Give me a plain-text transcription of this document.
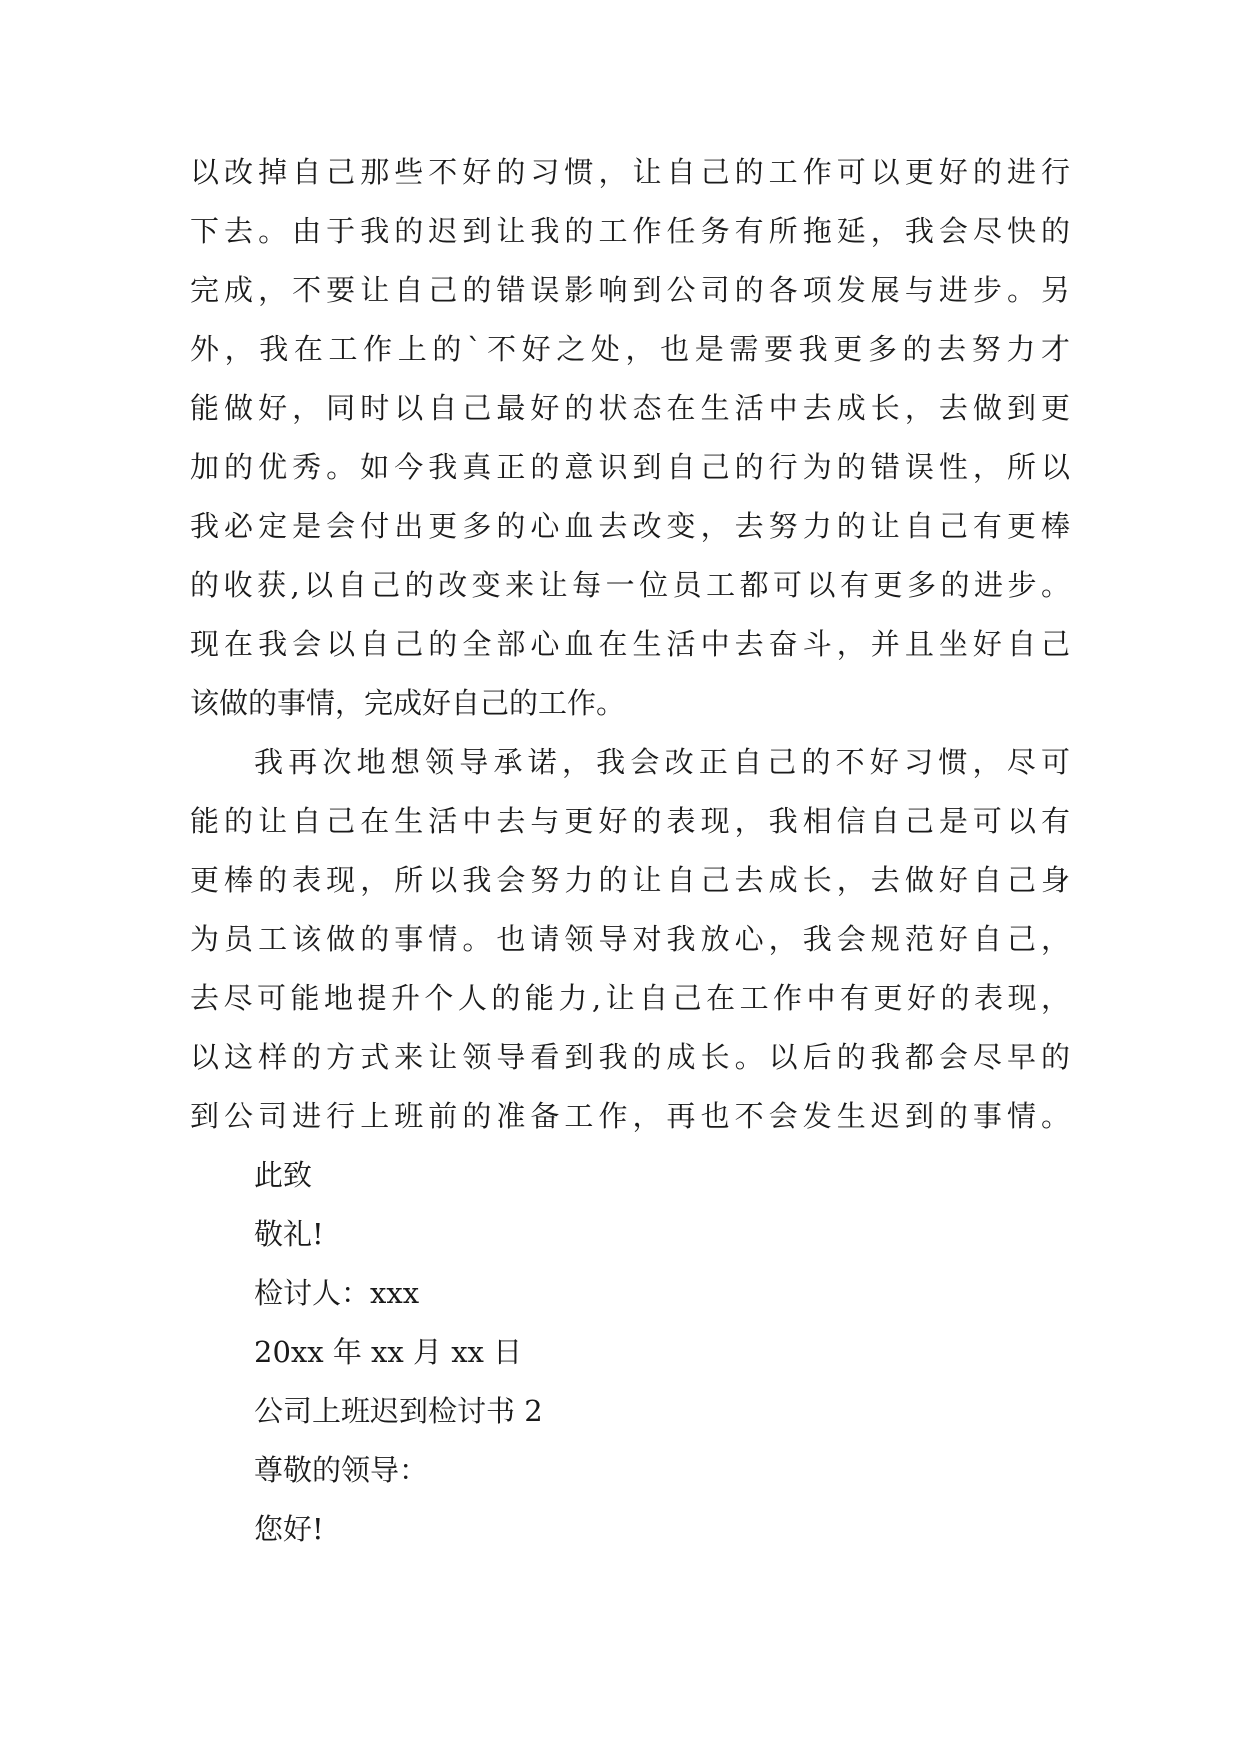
以改掉自己那些不好的习惯，让自己的工作可以更好的进行
下去。由于我的迟到让我的工作任务有所拖延，我会尽快的
完成，不要让自己的错误影响到公司的各项发展与进步。另
外，我在工作上的`不好之处，也是需要我更多的去努力才
能做好，同时以自己最好的状态在生活中去成长，去做到更
加的优秀。如今我真正的意识到自己的行为的错误性，所以
我必定是会付出更多的心血去改变，去努力的让自己有更棒
的收获,以自己的改变来让每一位员工都可以有更多的进步。
现在我会以自己的全部心血在生活中去奋斗，并且坐好自己
该做的事情，完成好自己的工作。
我再次地想领导承诺，我会改正自己的不好习惯，尽可
能的让自己在生活中去与更好的表现，我相信自己是可以有
更棒的表现，所以我会努力的让自己去成长，去做好自己身
为员工该做的事情。也请领导对我放心，我会规范好自己，
去尽可能地提升个人的能力,让自己在工作中有更好的表现，
以这样的方式来让领导看到我的成长。以后的我都会尽早的
到公司进行上班前的准备工作，再也不会发生迟到的事情。
此致
敬礼!
检讨人：xxx
20xx 年 xx 月 xx 日
公司上班迟到检讨书 2
尊敬的领导：
您好!
